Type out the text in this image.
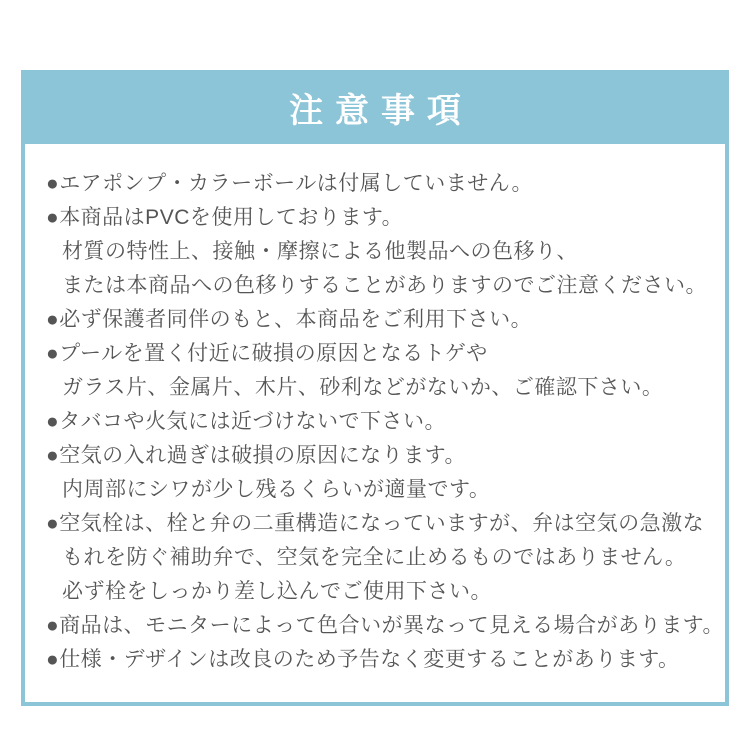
注意事項
●エアポンプ・カラーボールは付属していません。
●本商品はPVCを使用しております。
材質の特性上、接触・摩擦による他製品への色移り、
または本商品への色移りすることがありますのでご注意ください。
●必ず保護者同伴のもと、本商品をご利用下さい。
●プールを置く付近に破損の原因となるトゲや
ガラス片、金属片、木片、砂利などがないか、ご確認下さい。
●タバコや火気には近づけないで下さい。
●空気の入れ過ぎは破損の原因になります。
内周部にシワが少し残るくらいが適量です。
●空気栓は、栓と弁の二重構造になっていますが、弁は空気の急激な
もれを防ぐ補助弁で、空気を完全に止めるものではありません。
必ず栓をしっかり差し込んでご使用下さい。
●商品は、モニターによって色合いが異なって見える場合があります。
●仕様・デザインは改良のため予告なく変更することがあります。
